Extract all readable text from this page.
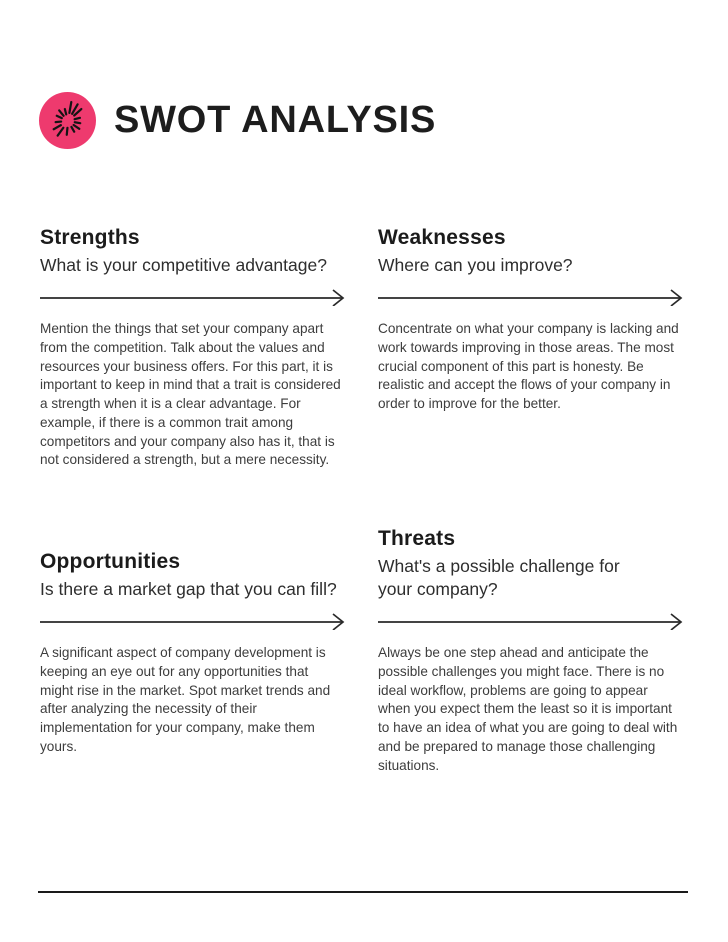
SWOT ANALYSIS
Strengths

What is your competitive advantage?

Mention the things that set your company apart from the competition. Talk about the values and resources your business offers. For this part, it is important to keep in mind that a trait is considered a strength when it is a clear advantage. For example, if there is a common trait among competitors and your company also has it, that is not considered a strength, but a mere necessity.

Weaknesses

Where can you improve?

Concentrate on what your company is lacking and work towards improving in those areas. The most crucial component of this part is honesty. Be realistic and accept the flows of your company in order to improve for the better.

Opportunities

Is there a market gap that you can fill?

A significant aspect of company development is keeping an eye out for any opportunities that might rise in the market. Spot market trends and after analyzing the necessity of their implementation for your company, make them yours.

Threats

What's a possible challenge for your company?

Always be one step ahead and anticipate the possible challenges you might face. There is no ideal workflow, problems are going to appear when you expect them the least so it is important to have an idea of what you are going to deal with and be prepared to manage those challenging situations.
